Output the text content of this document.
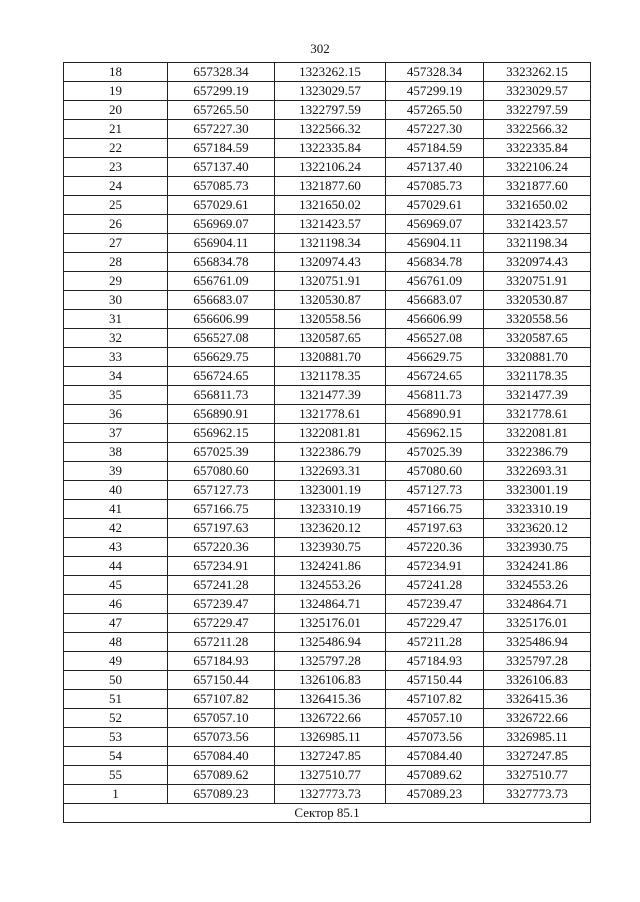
302
18	657328.34	1323262.15	457328.34	3323262.15
19	657299.19	1323029.57	457299.19	3323029.57
20	657265.50	1322797.59	457265.50	3322797.59
21	657227.30	1322566.32	457227.30	3322566.32
22	657184.59	1322335.84	457184.59	3322335.84
23	657137.40	1322106.24	457137.40	3322106.24
24	657085.73	1321877.60	457085.73	3321877.60
25	657029.61	1321650.02	457029.61	3321650.02
26	656969.07	1321423.57	456969.07	3321423.57
27	656904.11	1321198.34	456904.11	3321198.34
28	656834.78	1320974.43	456834.78	3320974.43
29	656761.09	1320751.91	456761.09	3320751.91
30	656683.07	1320530.87	456683.07	3320530.87
31	656606.99	1320558.56	456606.99	3320558.56
32	656527.08	1320587.65	456527.08	3320587.65
33	656629.75	1320881.70	456629.75	3320881.70
34	656724.65	1321178.35	456724.65	3321178.35
35	656811.73	1321477.39	456811.73	3321477.39
36	656890.91	1321778.61	456890.91	3321778.61
37	656962.15	1322081.81	456962.15	3322081.81
38	657025.39	1322386.79	457025.39	3322386.79
39	657080.60	1322693.31	457080.60	3322693.31
40	657127.73	1323001.19	457127.73	3323001.19
41	657166.75	1323310.19	457166.75	3323310.19
42	657197.63	1323620.12	457197.63	3323620.12
43	657220.36	1323930.75	457220.36	3323930.75
44	657234.91	1324241.86	457234.91	3324241.86
45	657241.28	1324553.26	457241.28	3324553.26
46	657239.47	1324864.71	457239.47	3324864.71
47	657229.47	1325176.01	457229.47	3325176.01
48	657211.28	1325486.94	457211.28	3325486.94
49	657184.93	1325797.28	457184.93	3325797.28
50	657150.44	1326106.83	457150.44	3326106.83
51	657107.82	1326415.36	457107.82	3326415.36
52	657057.10	1326722.66	457057.10	3326722.66
53	657073.56	1326985.11	457073.56	3326985.11
54	657084.40	1327247.85	457084.40	3327247.85
55	657089.62	1327510.77	457089.62	3327510.77
1	657089.23	1327773.73	457089.23	3327773.73
Сектор 85.1				
